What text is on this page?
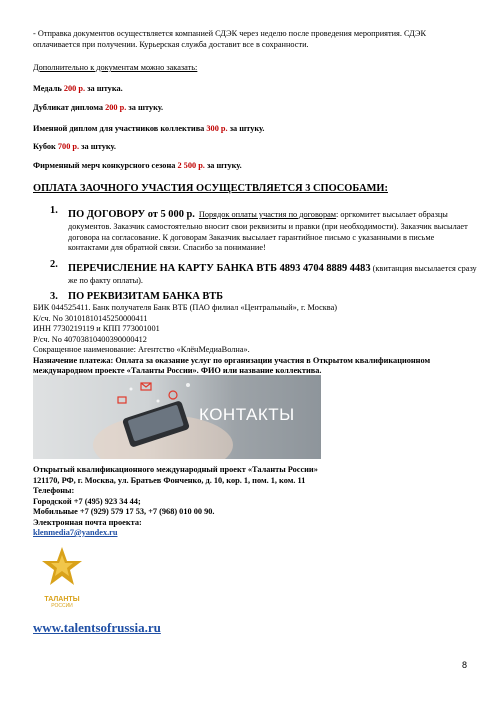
- Отправка документов осуществляется компанией СДЭК через неделю после проведения мероприятия. СДЭК
оплачивается при получении. Курьерская служба доставит все в сохранности.
Дополнительно к документам можно заказать:
Медаль 200 р. за штука.
Дубликат диплома 200 р. за штуку.
Именной диплом для участников коллектива 300 р. за штуку.
Кубок 700 р. за штуку.
Фирменный мерч конкурсного сезона 2 500 р. за штуку.
ОПЛАТА ЗАОЧНОГО УЧАСТИЯ ОСУЩЕСТВЛЯЕТСЯ 3 СПОСОБАМИ:
1. ПО ДОГОВОРУ от 5 000 р. Порядок оплаты участия по договорам: оргкомитет высылает образцы
документов. Заказчик самостоятельно вносит свои реквизиты и правки (при необходимости). Заказчик высылает
договора на согласование. К договорам Заказчик высылает гарантийное письмо с указанными в письме
контактами для обратной связи. Спасибо за понимание!
2. ПЕРЕЧИСЛЕНИЕ НА КАРТУ БАНКА ВТБ 4893 4704 8889 4483 (квитанция высылается сразу
же по факту оплаты).
3. ПО РЕКВИЗИТАМ БАНКА ВТБ
БИК 044525411. Банк получателя Банк ВТБ (ПАО филиал «Центральный», г. Москва)
К/сч. No 30101810145250000411
ИНН 7730219119 и КПП 773001001
Р/сч. No 40703810400390000412
Сокращенное наименование: Агентство «КлёнМедиаВолна».
Назначение платежа: Оплата за оказание услуг по организации участия в Открытом квалификационном
международном проекте «Таланты России». ФИО или название коллектива.
КОНТАКТЫ
Открытый квалификационного международный проект «Таланты России»
121170, РФ, г. Москва, ул. Братьев Фонченко, д. 10, кор. 1, пом. 1, ком. 11
Телефоны:
Городской +7 (495) 923 34 44;
Мобильные +7 (929) 579 17 53, +7 (968) 010 00 90.
Электронная почта проекта:
klenmedia7@yandex.ru
ТАЛАНТЫ
РОССИИ
www.talentsofrussia.ru
8
